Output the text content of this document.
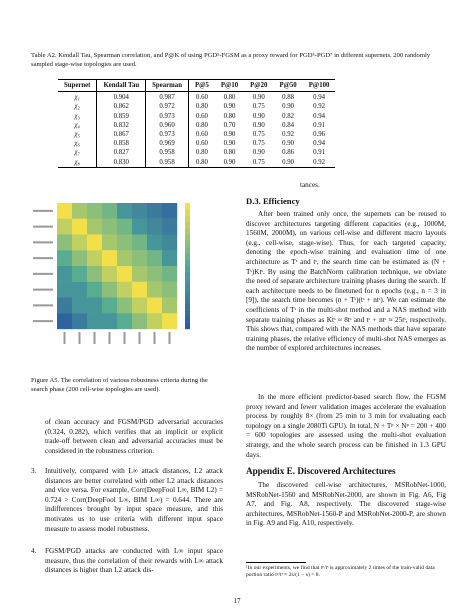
Table A2. Kendall Tau, Spearman correlation, and P@K of using PGD⁵-FGSM as a proxy reward for PGD⁵-PGD⁷ in different supernets. 200 randomly sampled stage-wise topologies are used.
Supernet	Kendall Tau	Spearman	P@5	P@10	P@20	P@50	P@100
χ₁	0.904	0.987	0.60	0.80	0.90	0.88	0.94
χ₂	0.862	0.972	0.80	0.90	0.75	0.90	0.92
χ₃	0.859	0.973	0.60	0.80	0.90	0.82	0.94
χ₄	0.832	0.960	0.80	0.70	0.90	0.84	0.91
χ₅	0.867	0.973	0.60	0.90	0.75	0.92	0.96
χ₆	0.858	0.969	0.60	0.90	0.75	0.90	0.94
χ₇	0.827	0.958	0.80	0.80	0.90	0.86	0.91
χ₈	0.830	0.958	0.80	0.90	0.75	0.90	0.92
Figure A5. The correlation of various robustness criteria during the search phase (200 cell-wise topologies are used).
of clean accuracy and FGSM/PGD adversarial accuracies (0.324, 0.282), which verifies that an implicit or explicit trade-off between clean and adversarial accuracies must be considered in the robustness criterion.
3. Intuitively, compared with L∞ attack distances, L2 attack distances are better correlated with other L2 attack distances and vice versa. For example, Corr(DeepFool L∞, BIM L2) = 0.724 > Corr(DeepFool L∞, BIM L∞) = 0.644. There are indifferences brought by input space measure, and this motivates us to use criteria with different input space measure to assess model robustness.
4. FGSM/PGD attacks are conducted with L∞ input space measure, thus the correlation of their rewards with L∞ attack distances is higher than L2 attack dis-
tances.
D.3. Efficiency
After been trained only once, the supernets can be reused to discover architectures targeting different capacities (e.g., 1000M, 1560M, 2000M), on various cell-wise and different macro layouts (e.g., cell-wise, stage-wise). Thus, for each targeted capacity, denoting the epoch-wise training and evaluation time of one architecture as Tˢ and tˢ, the search time can be estimated as (N + Tˢ)Ktˢ. By using the BatchNorm calibration technique, we obviate the need of separate architecture training phases during the search. If each architecture needs to be finetuned for n epochs (e.g., n = 3 in [9]), the search time becomes (n + Tˢ)(tˢ + ntˢ). We can estimate the coefficients of Tˢ in the multi-shot method and a NAS method with separate training phases as Ktˢ ≈ 8tˢ and tˢ + ntˢ ≈ 25tˢ, respectively. This shows that, compared with the NAS methods that have separate training phases, the relative efficiency of multi-shot NAS emerges as the number of explored architectures increases.
In the more efficient predictor-based search flow, the FGSM proxy reward and fewer validation images accelerate the evaluation process by roughly 8× (from 25 min to 3 min for evaluating each topology on a single 2080Ti GPU). In total, N + Tᵖ × Nᵖ = 200 + 400 = 600 topologies are assessed using the multi-shot evaluation strategy, and the whole search process can be finished in 1.3 GPU days.
Appendix E. Discovered Architectures
The discovered cell-wise architectures, MSRobNet-1000, MSRobNet-1560 and MSRobNet-2000, are shown in Fig. A6, Fig A7, and Fig. A8, respectively. The discovered stage-wise architectures, MSRobNet-1560-P and MSRobNet-2000-P, are shown in Fig. A9 and Fig. A10, respectively.
¹In our experiments, we find that tᵖ/tˢ is approximately 2 times of the train-valid data portion ratio tᵖ/tˢ ≈ 2s/(1 − s) = 8.
17
